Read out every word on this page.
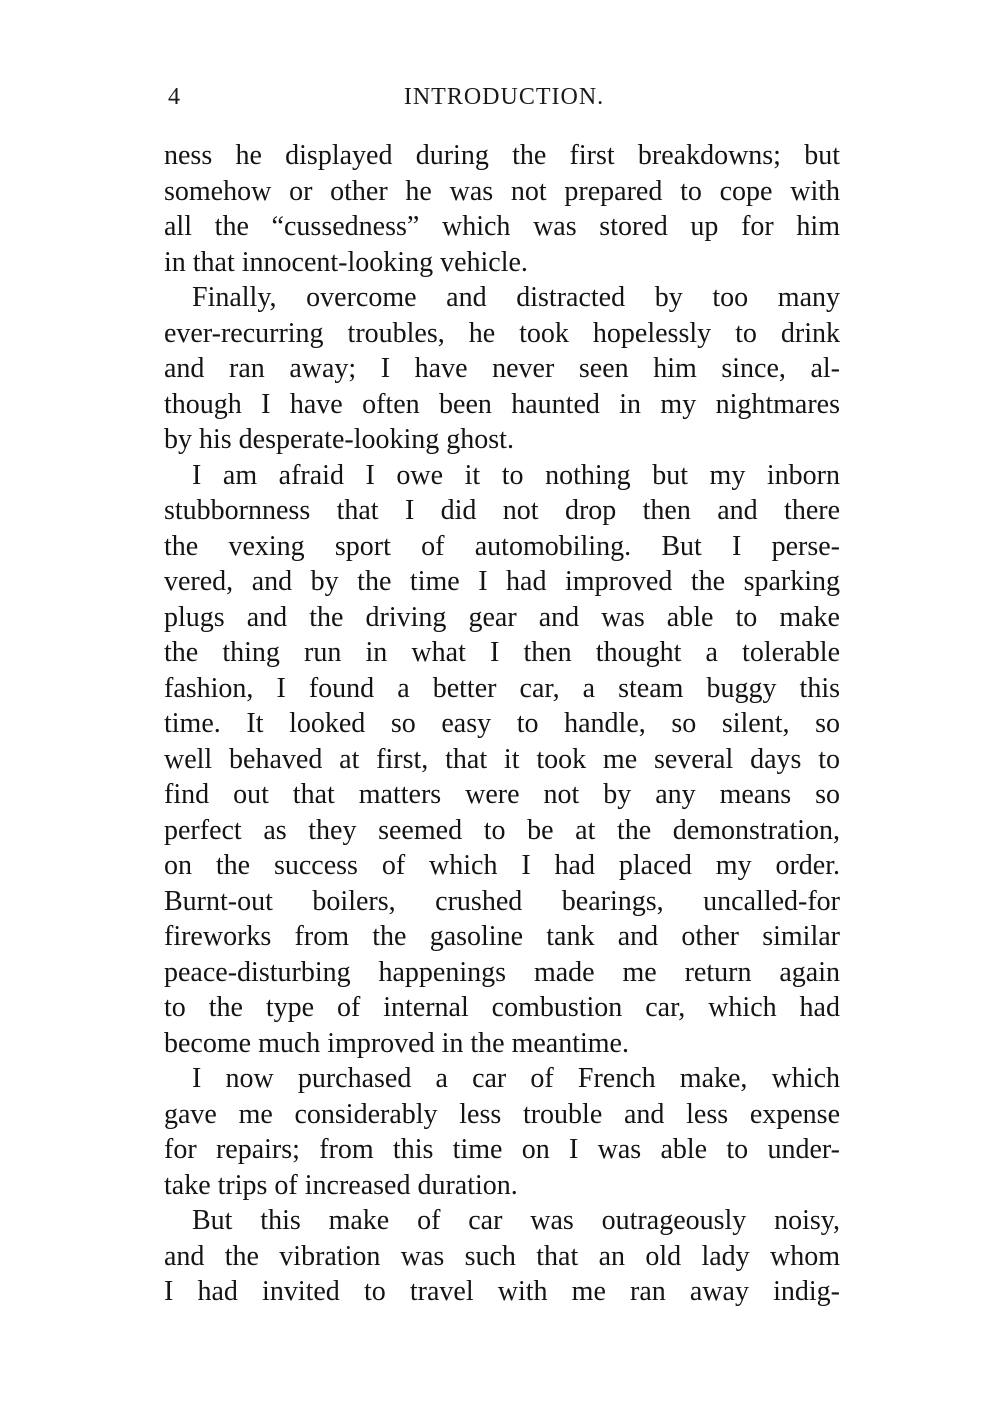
4	INTRODUCTION.

ness he displayed during the first breakdowns; but
somehow or other he was not prepared to cope with
all the “cussedness” which was stored up for him
in that innocent-looking vehicle.

Finally, overcome and distracted by too many
ever-recurring troubles, he took hopelessly to drink
and ran away; I have never seen him since, al-
though I have often been haunted in my nightmares
by his desperate-looking ghost.

I am afraid I owe it to nothing but my inborn
stubbornness that I did not drop then and there
the vexing sport of automobiling. But I perse-
vered, and by the time I had improved the sparking
plugs and the driving gear and was able to make
the thing run in what I then thought a tolerable
fashion, I found a better car, a steam buggy this
time. It looked so easy to handle, so silent, so
well behaved at first, that it took me several days to
find out that matters were not by any means so
perfect as they seemed to be at the demonstration,
on the success of which I had placed my order.
Burnt-out boilers, crushed bearings, uncalled-for
fireworks from the gasoline tank and other similar
peace-disturbing happenings made me return again
to the type of internal combustion car, which had
become much improved in the meantime.

I now purchased a car of French make, which
gave me considerably less trouble and less expense
for repairs; from this time on I was able to under-
take trips of increased duration.

But this make of car was outrageously noisy,
and the vibration was such that an old lady whom
I had invited to travel with me ran away indig-
